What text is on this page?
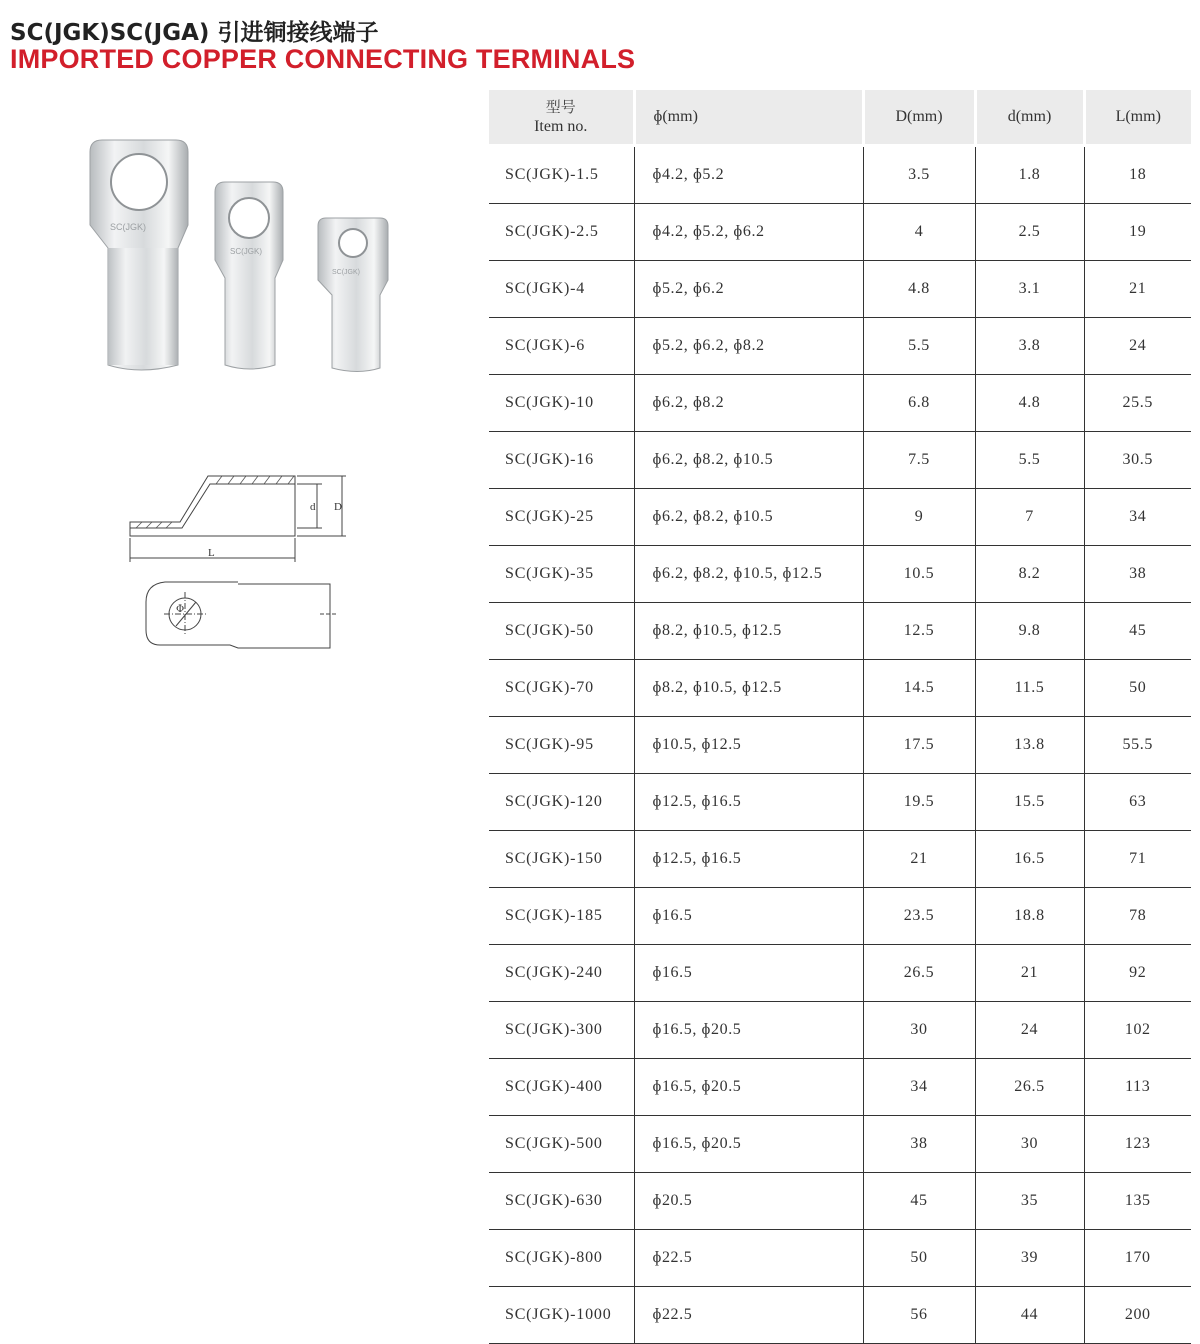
SC(JGK)SC(JGA) 引进铜接线端子
IMPORTED COPPER CONNECTING TERMINALS
SC(JGK)
SC(JGK)
SC(JGK)
L
d D
Φ
型号
Item no.	ɸ(mm)	D(mm)	d(mm)	L(mm)
SC(JGK)-1.5	ɸ4.2, ɸ5.2	3.5	1.8	18
SC(JGK)-2.5	ɸ4.2, ɸ5.2, ɸ6.2	4	2.5	19
SC(JGK)-4	ɸ5.2, ɸ6.2	4.8	3.1	21
SC(JGK)-6	ɸ5.2, ɸ6.2, ɸ8.2	5.5	3.8	24
SC(JGK)-10	ɸ6.2, ɸ8.2	6.8	4.8	25.5
SC(JGK)-16	ɸ6.2, ɸ8.2, ɸ10.5	7.5	5.5	30.5
SC(JGK)-25	ɸ6.2, ɸ8.2, ɸ10.5	9	7	34
SC(JGK)-35	ɸ6.2, ɸ8.2, ɸ10.5, ɸ12.5	10.5	8.2	38
SC(JGK)-50	ɸ8.2, ɸ10.5, ɸ12.5	12.5	9.8	45
SC(JGK)-70	ɸ8.2, ɸ10.5, ɸ12.5	14.5	11.5	50
SC(JGK)-95	ɸ10.5, ɸ12.5	17.5	13.8	55.5
SC(JGK)-120	ɸ12.5, ɸ16.5	19.5	15.5	63
SC(JGK)-150	ɸ12.5, ɸ16.5	21	16.5	71
SC(JGK)-185	ɸ16.5	23.5	18.8	78
SC(JGK)-240	ɸ16.5	26.5	21	92
SC(JGK)-300	ɸ16.5, ɸ20.5	30	24	102
SC(JGK)-400	ɸ16.5, ɸ20.5	34	26.5	113
SC(JGK)-500	ɸ16.5, ɸ20.5	38	30	123
SC(JGK)-630	ɸ20.5	45	35	135
SC(JGK)-800	ɸ22.5	50	39	170
SC(JGK)-1000	ɸ22.5	56	44	200
